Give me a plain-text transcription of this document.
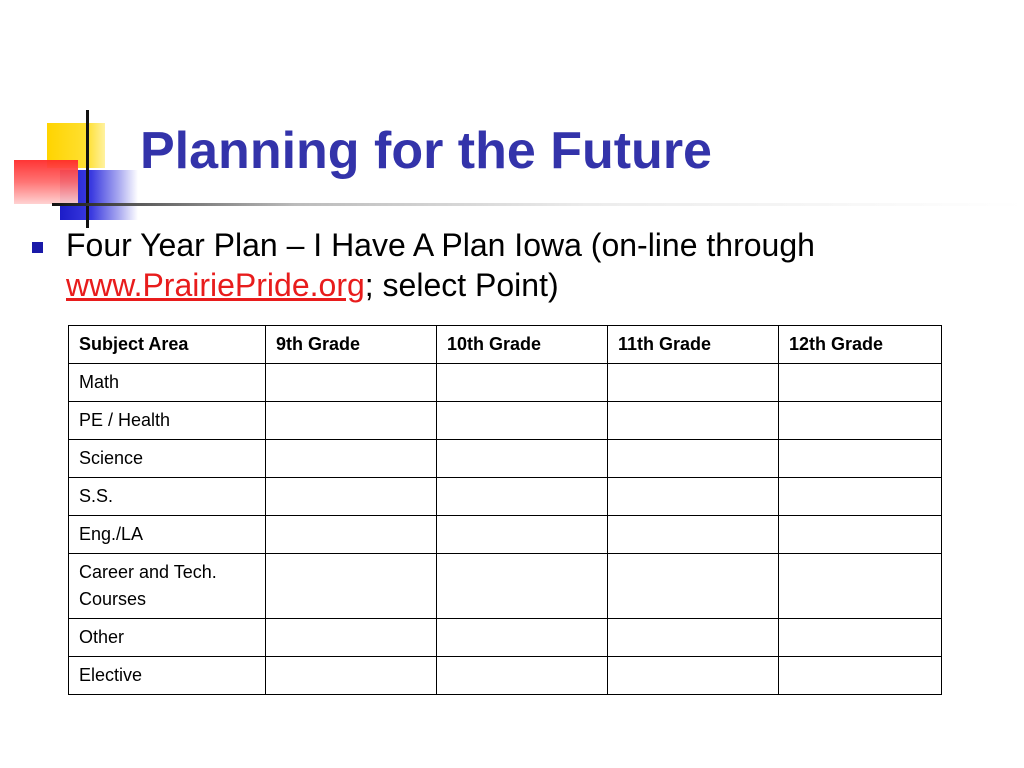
Planning for the Future
Four Year Plan – I Have A Plan Iowa (on-line through www.PrairiePride.org; select Point)
Subject Area	9th Grade	10th Grade	11th Grade	12th Grade
Math				
PE / Health				
Science				
S.S.				
Eng./LA				
Career and Tech. Courses				
Other				
Elective				
